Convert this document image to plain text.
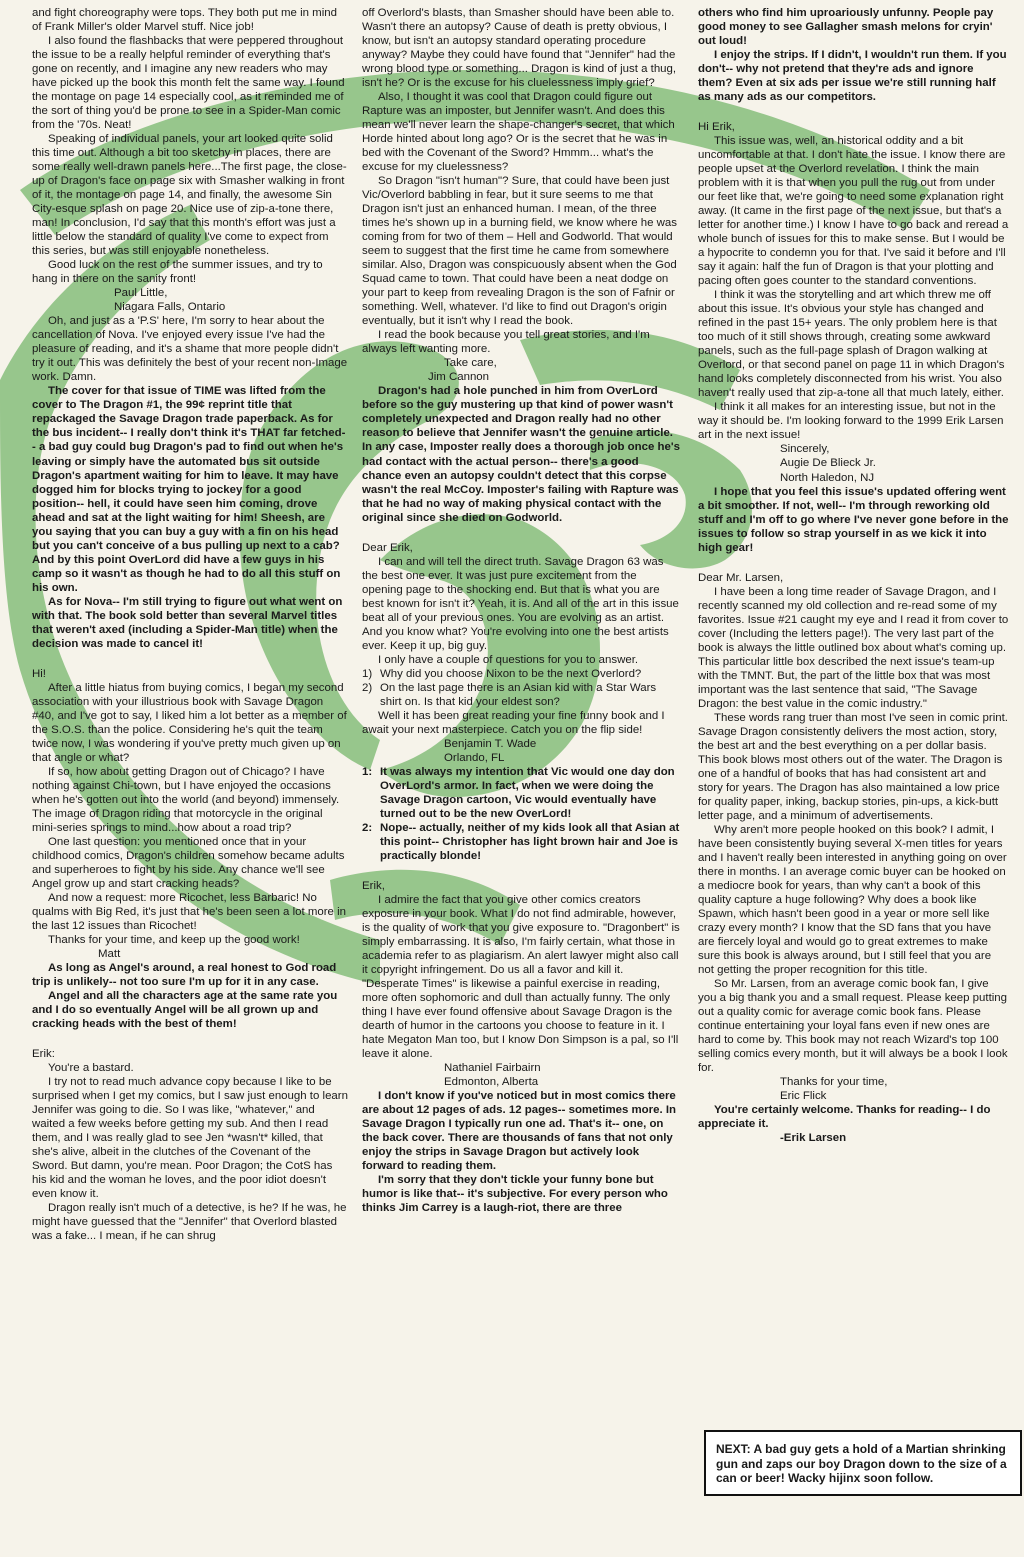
and fight choreography were tops. They both put me in mind of Frank Miller's older Marvel stuff. Nice job!

I also found the flashbacks that were peppered throughout the issue to be a really helpful reminder of everything that's gone on recently, and I imagine any new readers who may have picked up the book this month felt the same way. I found the montage on page 14 especially cool, as it reminded me of the sort of thing you'd be prone to see in a Spider-Man comic from the '70s. Neat!

Speaking of individual panels, your art looked quite solid this time out. Although a bit too sketchy in places, there are some really well-drawn panels here...The first page, the close-up of Dragon's face on page six with Smasher walking in front of it, the montage on page 14, and finally, the awesome Sin City-esque splash on page 20. Nice use of zip-a-tone there, man! In conclusion, I'd say that this month's effort was just a little below the standard of quality I've come to expect from this series, but was still enjoyable nonetheless.

Good luck on the rest of the summer issues, and try to hang in there on the sanity front!

Paul Little,

Niagara Falls, Ontario

Oh, and just as a 'P.S' here, I'm sorry to hear about the cancellation of Nova. I've enjoyed every issue I've had the pleasure of reading, and it's a shame that more people didn't try it out. This was definitely the best of your recent non-Image work. Damn.

The cover for that issue of TIME was lifted from the cover to The Dragon #1, the 99¢ reprint title that repackaged the Savage Dragon trade paperback. As for the bus incident-- I really don't think it's THAT far fetched-- a bad guy could bug Dragon's pad to find out when he's leaving or simply have the automated bus sit outside Dragon's apartment waiting for him to leave. It may have dogged him for blocks trying to jockey for a good position-- hell, it could have seen him coming, drove ahead and sat at the light waiting for him! Sheesh, are you saying that you can buy a guy with a fin on his head but you can't conceive of a bus pulling up next to a cab? And by this point OverLord did have a few guys in his camp so it wasn't as though he had to do all this stuff on his own.

As for Nova-- I'm still trying to figure out what went on with that. The book sold better than several Marvel titles that weren't axed (including a Spider-Man title) when the decision was made to cancel it!

Hi!

After a little hiatus from buying comics, I began my second association with your illustrious book with Savage Dragon #40, and I've got to say, I liked him a lot better as a member of the S.O.S. than the police. Considering he's quit the team twice now, I was wondering if you've pretty much given up on that angle or what?

If so, how about getting Dragon out of Chicago? I have nothing against Chi-town, but I have enjoyed the occasions when he's gotten out into the world (and beyond) immensely. The image of Dragon riding that motorcycle in the original mini-series springs to mind...how about a road trip?

One last question: you mentioned once that in your childhood comics, Dragon's children somehow became adults and superheroes to fight by his side. Any chance we'll see Angel grow up and start cracking heads?

And now a request: more Ricochet, less Barbaric! No qualms with Big Red, it's just that he's been seen a lot more in the last 12 issues than Ricochet!

Thanks for your time, and keep up the good work!

Matt

As long as Angel's around, a real honest to God road trip is unlikely-- not too sure I'm up for it in any case.

Angel and all the characters age at the same rate you and I do so eventually Angel will be all grown up and cracking heads with the best of them!

Erik:

You're a bastard.

I try not to read much advance copy because I like to be surprised when I get my comics, but I saw just enough to learn Jennifer was going to die. So I was like, "whatever," and waited a few weeks before getting my sub. And then I read them, and I was really glad to see Jen *wasn't* killed, that she's alive, albeit in the clutches of the Covenant of the Sword. But damn, you're mean. Poor Dragon; the CotS has his kid and the woman he loves, and the poor idiot doesn't even know it.

Dragon really isn't much of a detective, is he? If he was, he might have guessed that the "Jennifer" that Overlord blasted was a fake... I mean, if he can shrug

off Overlord's blasts, than Smasher should have been able to. Wasn't there an autopsy? Cause of death is pretty obvious, I know, but isn't an autopsy standard operating procedure anyway? Maybe they could have found that "Jennifer" had the wrong blood type or something... Dragon is kind of just a thug, isn't he? Or is the excuse for his cluelessness imply grief?

Also, I thought it was cool that Dragon could figure out Rapture was an imposter, but Jennifer wasn't. And does this mean we'll never learn the shape-changer's secret, that which Horde hinted about long ago? Or is the secret that he was in bed with the Covenant of the Sword? Hmmm... what's the excuse for my cluelessness?

So Dragon "isn't human"? Sure, that could have been just Vic/Overlord babbling in fear, but it sure seems to me that Dragon isn't just an enhanced human. I mean, of the three times he's shown up in a burning field, we know where he was coming from for two of them – Hell and Godworld. That would seem to suggest that the first time he came from somewhere similar. Also, Dragon was conspicuously absent when the God Squad came to town. That could have been a neat dodge on your part to keep from revealing Dragon is the son of Fafnir or something. Well, whatever. I'd like to find out Dragon's origin eventually, but it isn't why I read the book.

I read the book because you tell great stories, and I'm always left wanting more.

Take care,

Jim Cannon

Dragon's had a hole punched in him from OverLord before so the guy mustering up that kind of power wasn't completely unexpected and Dragon really had no other reason to believe that Jennifer wasn't the genuine article. In any case, Imposter really does a thorough job once he's had contact with the actual person-- there's a good chance even an autopsy couldn't detect that this corpse wasn't the real McCoy. Imposter's failing with Rapture was that he had no way of making physical contact with the original since she died on Godworld.

Dear Erik,

I can and will tell the direct truth. Savage Dragon 63 was the best one ever. It was just pure excitement from the opening page to the shocking end. But that is what you are best known for isn't it? Yeah, it is. And all of the art in this issue beat all of your previous ones. You are evolving as an artist. And you know what? You're evolving into one the best artists ever. Keep it up, big guy.

I only have a couple of questions for you to answer.

1) Why did you choose Nixon to be the next Overlord?

2) On the last page there is an Asian kid with a Star Wars shirt on. Is that kid your eldest son?

Well it has been great reading your fine funny book and I await your next masterpiece. Catch you on the flip side!

Benjamin T. Wade

Orlando, FL

1: It was always my intention that Vic would one day don OverLord's armor. In fact, when we were doing the Savage Dragon cartoon, Vic would eventually have turned out to be the new OverLord!

2: Nope-- actually, neither of my kids look all that Asian at this point-- Christopher has light brown hair and Joe is practically blonde!

Erik,

I admire the fact that you give other comics creators exposure in your book. What I do not find admirable, however, is the quality of work that you give exposure to. "Dragonbert" is simply embarrassing. It is also, I'm fairly certain, what those in academia refer to as plagiarism. An alert lawyer might also call it copyright infringement. Do us all a favor and kill it. "Desperate Times" is likewise a painful exercise in reading, more often sophomoric and dull than actually funny. The only thing I have ever found offensive about Savage Dragon is the dearth of humor in the cartoons you choose to feature in it. I hate Megaton Man too, but I know Don Simpson is a pal, so I'll leave it alone.

Nathaniel Fairbairn

Edmonton, Alberta

I don't know if you've noticed but in most comics there are about 12 pages of ads. 12 pages-- sometimes more. In Savage Dragon I typically run one ad. That's it-- one, on the back cover. There are thousands of fans that not only enjoy the strips in Savage Dragon but actively look forward to reading them.

I'm sorry that they don't tickle your funny bone but humor is like that-- it's subjective. For every person who thinks Jim Carrey is a laugh-riot, there are three

others who find him uproariously unfunny. People pay good money to see Gallagher smash melons for cryin' out loud!

I enjoy the strips. If I didn't, I wouldn't run them. If you don't-- why not pretend that they're ads and ignore them? Even at six ads per issue we're still running half as many ads as our competitors.

Hi Erik,

This issue was, well, an historical oddity and a bit uncomfortable at that. I don't hate the issue. I know there are people upset at the Overlord revelation. I think the main problem with it is that when you pull the rug out from under our feet like that, we're going to need some explanation right away. (It came in the first page of the next issue, but that's a letter for another time.) I know I have to go back and reread a whole bunch of issues for this to make sense. But I would be a hypocrite to condemn you for that. I've said it before and I'll say it again: half the fun of Dragon is that your plotting and pacing often goes counter to the standard conventions.

I think it was the storytelling and art which threw me off about this issue. It's obvious your style has changed and refined in the past 15+ years. The only problem here is that too much of it still shows through, creating some awkward panels, such as the full-page splash of Dragon walking at Overlord, or that second panel on page 11 in which Dragon's hand looks completely disconnected from his wrist. You also haven't really used that zip-a-tone all that much lately, either.

I think it all makes for an interesting issue, but not in the way it should be. I'm looking forward to the 1999 Erik Larsen art in the next issue!

Sincerely,

Augie De Blieck Jr.

North Haledon, NJ

I hope that you feel this issue's updated offering went a bit smoother. If not, well-- I'm through reworking old stuff and I'm off to go where I've never gone before in the issues to follow so strap yourself in as we kick it into high gear!

Dear Mr. Larsen,

I have been a long time reader of Savage Dragon, and I recently scanned my old collection and re-read some of my favorites. Issue #21 caught my eye and I read it from cover to cover (Including the letters page!). The very last part of the book is always the little outlined box about what's coming up. This particular little box described the next issue's team-up with the TMNT. But, the part of the little box that was most important was the last sentence that said, "The Savage Dragon: the best value in the comic industry."

These words rang truer than most I've seen in comic print. Savage Dragon consistently delivers the most action, story, the best art and the best everything on a per dollar basis. This book blows most others out of the water. The Dragon is one of a handful of books that has had consistent art and story for years. The Dragon has also maintained a low price for quality paper, inking, backup stories, pin-ups, a kick-butt letter page, and a minimum of advertisements.

Why aren't more people hooked on this book? I admit, I have been consistently buying several X-men titles for years and I haven't really been interested in anything going on over there in months. I an average comic buyer can be hooked on a mediocre book for years, than why can't a book of this quality capture a huge following? Why does a book like Spawn, which hasn't been good in a year or more sell like crazy every month? I know that the SD fans that you have are fiercely loyal and would go to great extremes to make sure this book is always around, but I still feel that you are not getting the proper recognition for this title.

So Mr. Larsen, from an average comic book fan, I give you a big thank you and a small request. Please keep putting out a quality comic for average comic book fans. Please continue entertaining your loyal fans even if new ones are hard to come by. This book may not reach Wizard's top 100 selling comics every month, but it will always be a book I look for.

Thanks for your time,

Eric Flick

You're certainly welcome. Thanks for reading-- I do appreciate it.

-Erik Larsen

NEXT: A bad guy gets a hold of a Martian shrinking gun and zaps our boy Dragon down to the size of a can or beer! Wacky hijinx soon follow.
